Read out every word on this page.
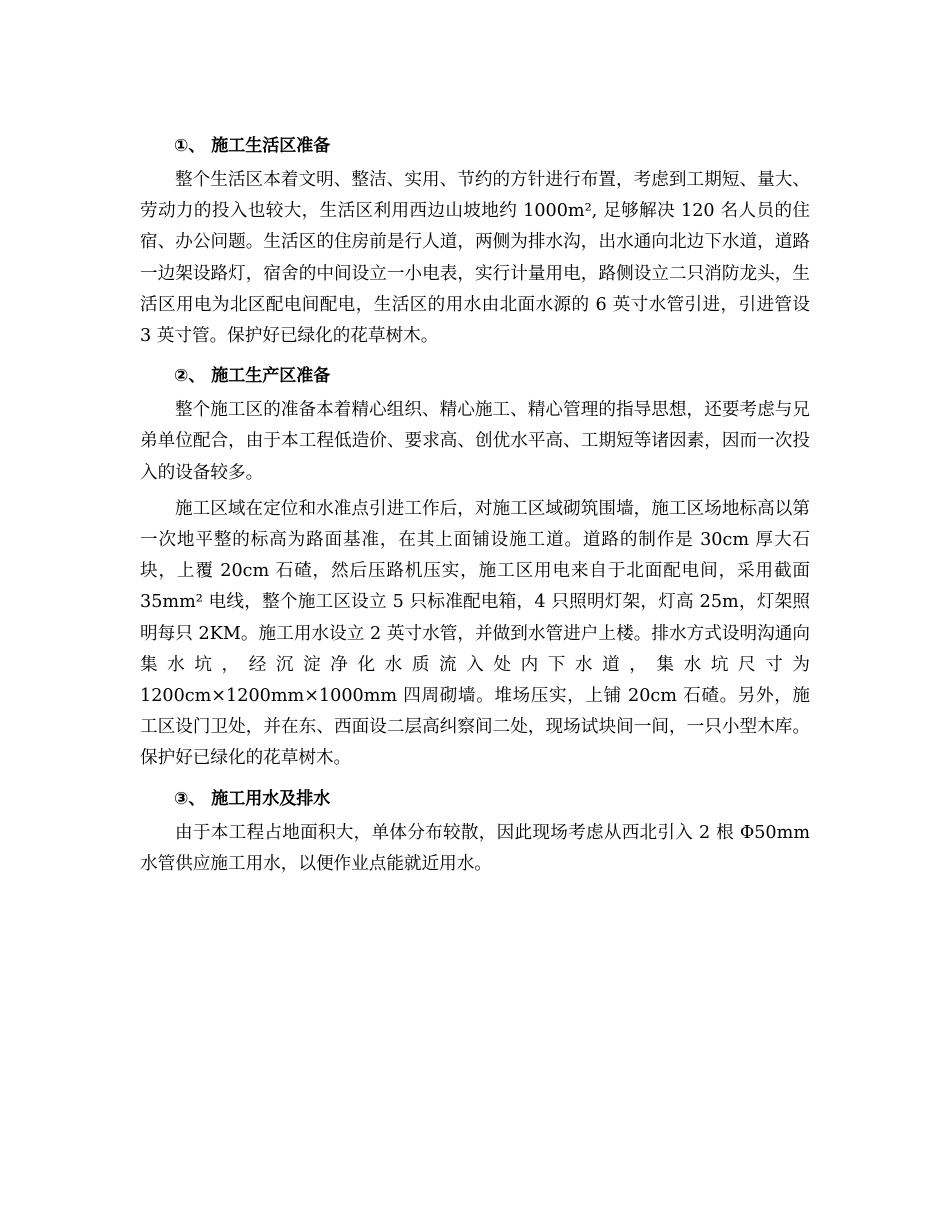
①、 施工生活区准备

整个生活区本着文明、整洁、实用、节约的方针进行布置，考虑到工期短、量大、劳动力的投入也较大，生活区利用西边山坡地约 1000m², 足够解决 120 名人员的住宿、办公问题。生活区的住房前是行人道，两侧为排水沟，出水通向北边下水道，道路一边架设路灯，宿舍的中间设立一小电表，实行计量用电，路侧设立二只消防龙头，生活区用电为北区配电间配电，生活区的用水由北面水源的 6 英寸水管引进，引进管设 3 英寸管。保护好已绿化的花草树木。

②、 施工生产区准备

整个施工区的准备本着精心组织、精心施工、精心管理的指导思想，还要考虑与兄弟单位配合，由于本工程低造价、要求高、创优水平高、工期短等诸因素，因而一次投入的设备较多。

施工区域在定位和水准点引进工作后，对施工区域砌筑围墙，施工区场地标高以第一次地平整的标高为路面基准，在其上面铺设施工道。道路的制作是 30cm 厚大石块，上覆 20cm 石碴，然后压路机压实，施工区用电来自于北面配电间，采用截面 35mm² 电线，整个施工区设立 5 只标准配电箱，4 只照明灯架，灯高 25m，灯架照明每只 2KM。施工用水设立 2 英寸水管，并做到水管进户上楼。排水方式设明沟通向集水坑，经沉淀净化水质流入处内下水道，集水坑尺寸为 1200cm×1200mm×1000mm 四周砌墙。堆场压实，上铺 20cm 石碴。另外，施工区设门卫处，并在东、西面设二层高纠察间二处，现场试块间一间，一只小型木库。保护好已绿化的花草树木。

③、 施工用水及排水

由于本工程占地面积大，单体分布较散，因此现场考虑从西北引入 2 根 Φ50mm 水管供应施工用水，以便作业点能就近用水。
